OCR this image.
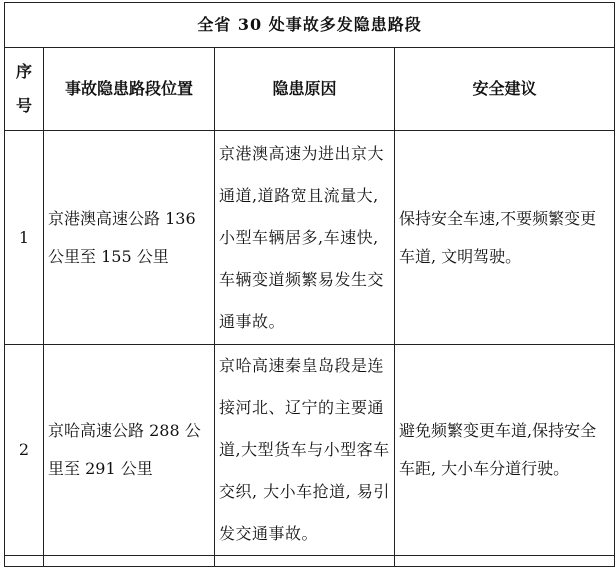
全省 30 处事故多发隐患路段			

序
号	事故隐患路段位置	隐患原因	安全建议
1	京港澳高速公路 136 公里至 155 公里	京港澳高速为进出京大通道,道路宽且流量大,小型车辆居多,车速快,车辆变道频繁易发生交通事故。	保持安全车速,不要频繁变更车道, 文明驾驶。
2	京哈高速公路 288 公里至 291 公里	京哈高速秦皇岛段是连接河北、辽宁的主要通道,大型货车与小型客车交织, 大小车抢道, 易引发交通事故。	避免频繁变更车道,保持安全车距, 大小车分道行驶。
